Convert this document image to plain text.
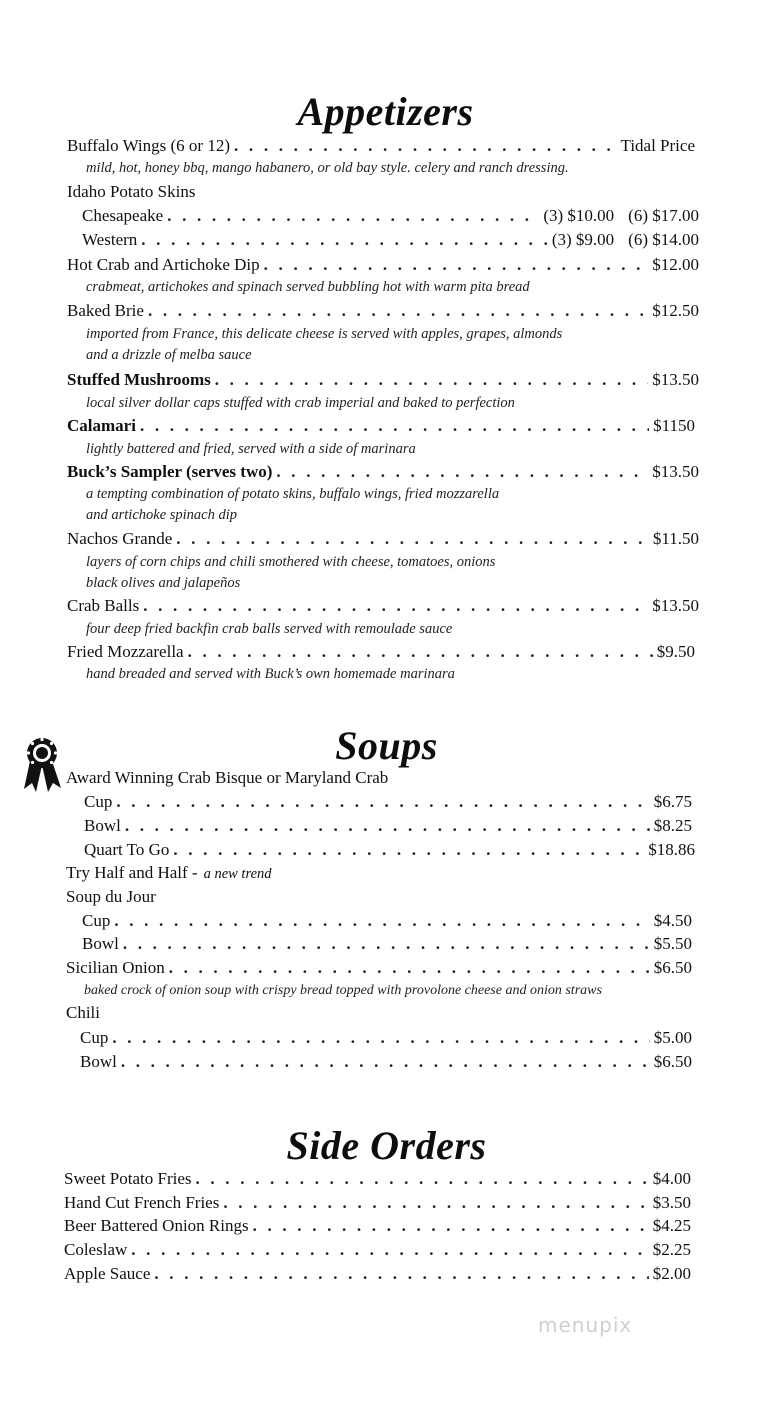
Appetizers
Buffalo Wings (6 or 12) . . .	Tidal Price
mild, hot, honey bbq, mango habanero, or old bay style. celery and ranch dressing.
Idaho Potato Skins
Chesapeake . . .	(3) $10.00 (6) $17.00
Western . . .	(3) $9.00 (6) $14.00
Hot Crab and Artichoke Dip . . .	$12.00
crabmeat, artichokes and spinach served bubbling hot with warm pita bread
Baked Brie . . .	$12.50
imported from France, this delicate cheese is served with apples, grapes, almonds
and a drizzle of melba sauce
Stuffed Mushrooms . . .	$13.50
local silver dollar caps stuffed with crab imperial and baked to perfection
Calamari . . .	$1150
lightly battered and fried, served with a side of marinara
Buck’s Sampler (serves two) . . .	$13.50
a tempting combination of potato skins, buffalo wings, fried mozzarella
and artichoke spinach dip
Nachos Grande . . .	$11.50
layers of corn chips and chili smothered with cheese, tomatoes, onions
black olives and jalapeños
Crab Balls . . .	$13.50
four deep fried backfin crab balls served with remoulade sauce
Fried Mozzarella . . .	$9.50
hand breaded and served with Buck’s own homemade marinara
Soups
Award Winning Crab Bisque or Maryland Crab
Cup . . .	$6.75
Bowl . . .	$8.25
Quart To Go . . .	$18.86
Try Half and Half - a new trend
Soup du Jour
Cup . . .	$4.50
Bowl . . .	$5.50
Sicilian Onion . . .	$6.50
baked crock of onion soup with crispy bread topped with provolone cheese and onion straws
Chili
Cup . . .	$5.00
Bowl . . .	$6.50
Side Orders
Sweet Potato Fries . . .	$4.00
Hand Cut French Fries . . .	$3.50
Beer Battered Onion Rings . . .	$4.25
Coleslaw . . .	$2.25
Apple Sauce . . .	$2.00
menupix
